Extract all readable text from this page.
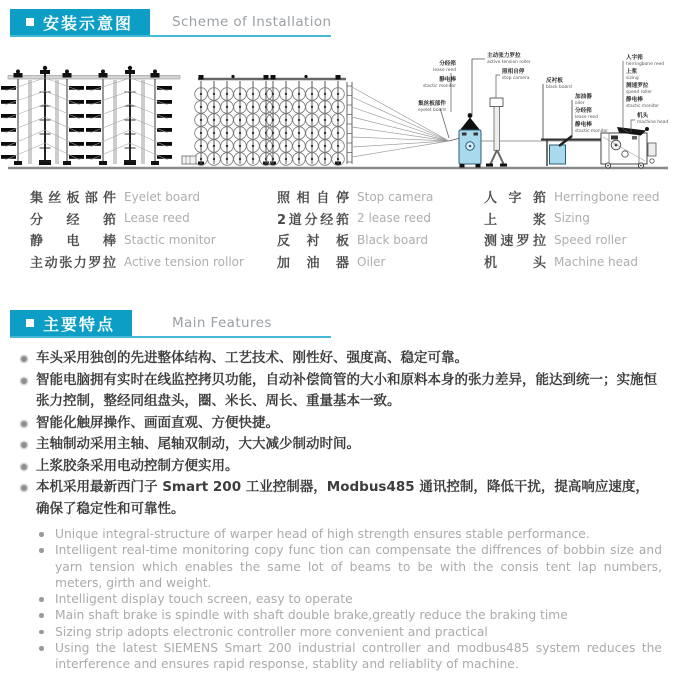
安装示意图	Scheme of Installation
集丝板部件
eyelet board
分经筘
lease reed
静电棒
stactic monitor
主动张力罗拉
active tension roller
照相自停
stop camera	反衬板
black board
加油器
oiler
分经筘
lease reed
静电棒
stactic monitor
人字筘
herringbone reed
上浆
sizing
测速罗拉
speed roller
静电棒
stactic monitor
机头
machine head
集丝板部件 Eyelet board
分经筘 Lease reed
静电棒 Stactic monitor
主动张力罗拉 Active tension rollor
照相自停 Stop camera
2道分经筘 2 lease reed
反衬板 Black board
加油器 Oiler
人字筘 Herringbone reed
上浆 Sizing
测速罗拉 Speed roller
机头 Machine head
主要特点	Main Features
车头采用独创的先进整体结构、工艺技术、刚性好、强度高、稳定可靠。
智能电脑拥有实时在线监控拷贝功能，自动补偿筒管的大小和原料本身的张力差异，能达到统一；实施恒张力控制，整经同组盘头，圈、米长、周长、重量基本一致。
智能化触屏操作、画面直观、方便快捷。
主轴制动采用主轴、尾轴双制动，大大减少制动时间。
上浆胶条采用电动控制方便实用。
本机采用最新西门子 Smart 200 工业控制器，Modbus485 通讯控制，降低干扰，提高响应速度，确保了稳定性和可靠性。
Unique integral-structure of warper head of high strength ensures stable performance.
Intelligent real-time monitoring copy func tion can compensate the diffrences of bobbin size and yarn tension which enables the same lot of beams to be with the consis tent lap numbers, meters, girth and weight.
Intelligent display touch screen, easy to operate
Main shaft brake is spindle with shaft double brake,greatly reduce the braking time
Sizing strip adopts electronic controller more convenient and practical
Using the latest SIEMENS Smart 200 industrial controller and modbus485 system reduces the interference and ensures rapid response, stablity and reliablity of machine.
